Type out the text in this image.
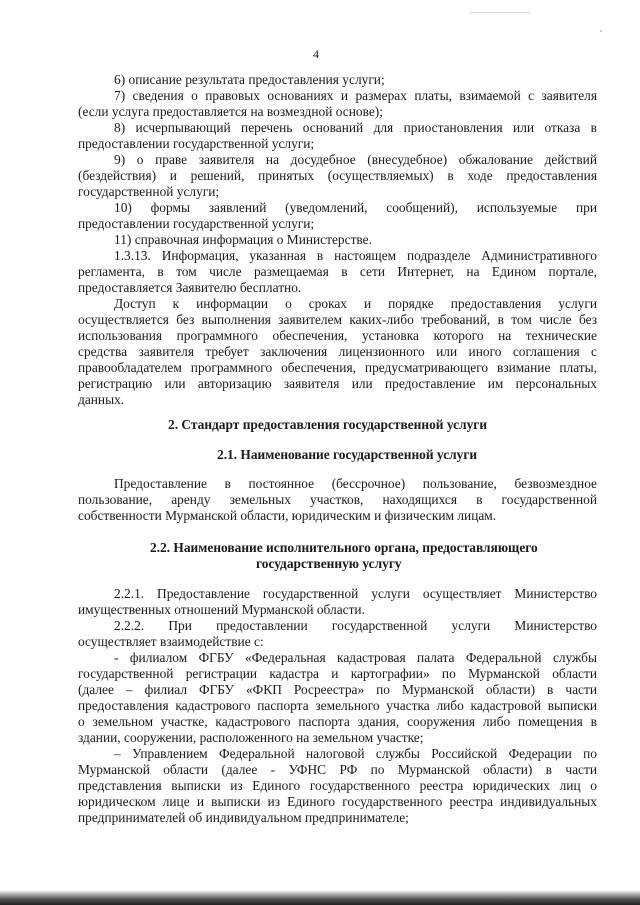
4
6) описание результата предоставления услуги;
7) сведения о правовых основаниях и размерах платы, взимаемой с заявителя
(если услуга предоставляется на возмездной основе);
8) исчерпывающий перечень оснований для приостановления или отказа в
предоставлении государственной услуги;
9) о праве заявителя на досудебное (внесудебное) обжалование действий
(бездействия) и решений, принятых (осуществляемых) в ходе предоставления
государственной услуги;
10) формы заявлений (уведомлений, сообщений), используемые при
предоставлении государственной услуги;
11) справочная информация о Министерстве.
1.3.13. Информация, указанная в настоящем подразделе Административного
регламента, в том числе размещаемая в сети Интернет, на Едином портале,
предоставляется Заявителю бесплатно.
Доступ к информации о сроках и порядке предоставления услуги
осуществляется без выполнения заявителем каких-либо требований, в том числе без
использования программного обеспечения, установка которого на технические
средства заявителя требует заключения лицензионного или иного соглашения с
правообладателем программного обеспечения, предусматривающего взимание платы,
регистрацию или авторизацию заявителя или предоставление им персональных
данных.
2. Стандарт предоставления государственной услуги
2.1. Наименование государственной услуги
Предоставление в постоянное (бессрочное) пользование, безвозмездное
пользование, аренду земельных участков, находящихся в государственной
собственности Мурманской области, юридическим и физическим лицам.
2.2. Наименование исполнительного органа, предоставляющего
государственную услугу
2.2.1. Предоставление государственной услуги осуществляет Министерство
имущественных отношений Мурманской области.
2.2.2. При предоставлении государственной услуги Министерство
осуществляет взаимодействие с:
- филиалом ФГБУ «Федеральная кадастровая палата Федеральной службы
государственной регистрации кадастра и картографии» по Мурманской области
(далее – филиал ФГБУ «ФКП Росреестра» по Мурманской области) в части
предоставления кадастрового паспорта земельного участка либо кадастровой выписки
о земельном участке, кадастрового паспорта здания, сооружения либо помещения в
здании, сооружении, расположенного на земельном участке;
– Управлением Федеральной налоговой службы Российской Федерации по
Мурманской области (далее - УФНС РФ по Мурманской области) в части
представления выписки из Единого государственного реестра юридических лиц о
юридическом лице и выписки из Единого государственного реестра индивидуальных
предпринимателей об индивидуальном предпринимателе;
